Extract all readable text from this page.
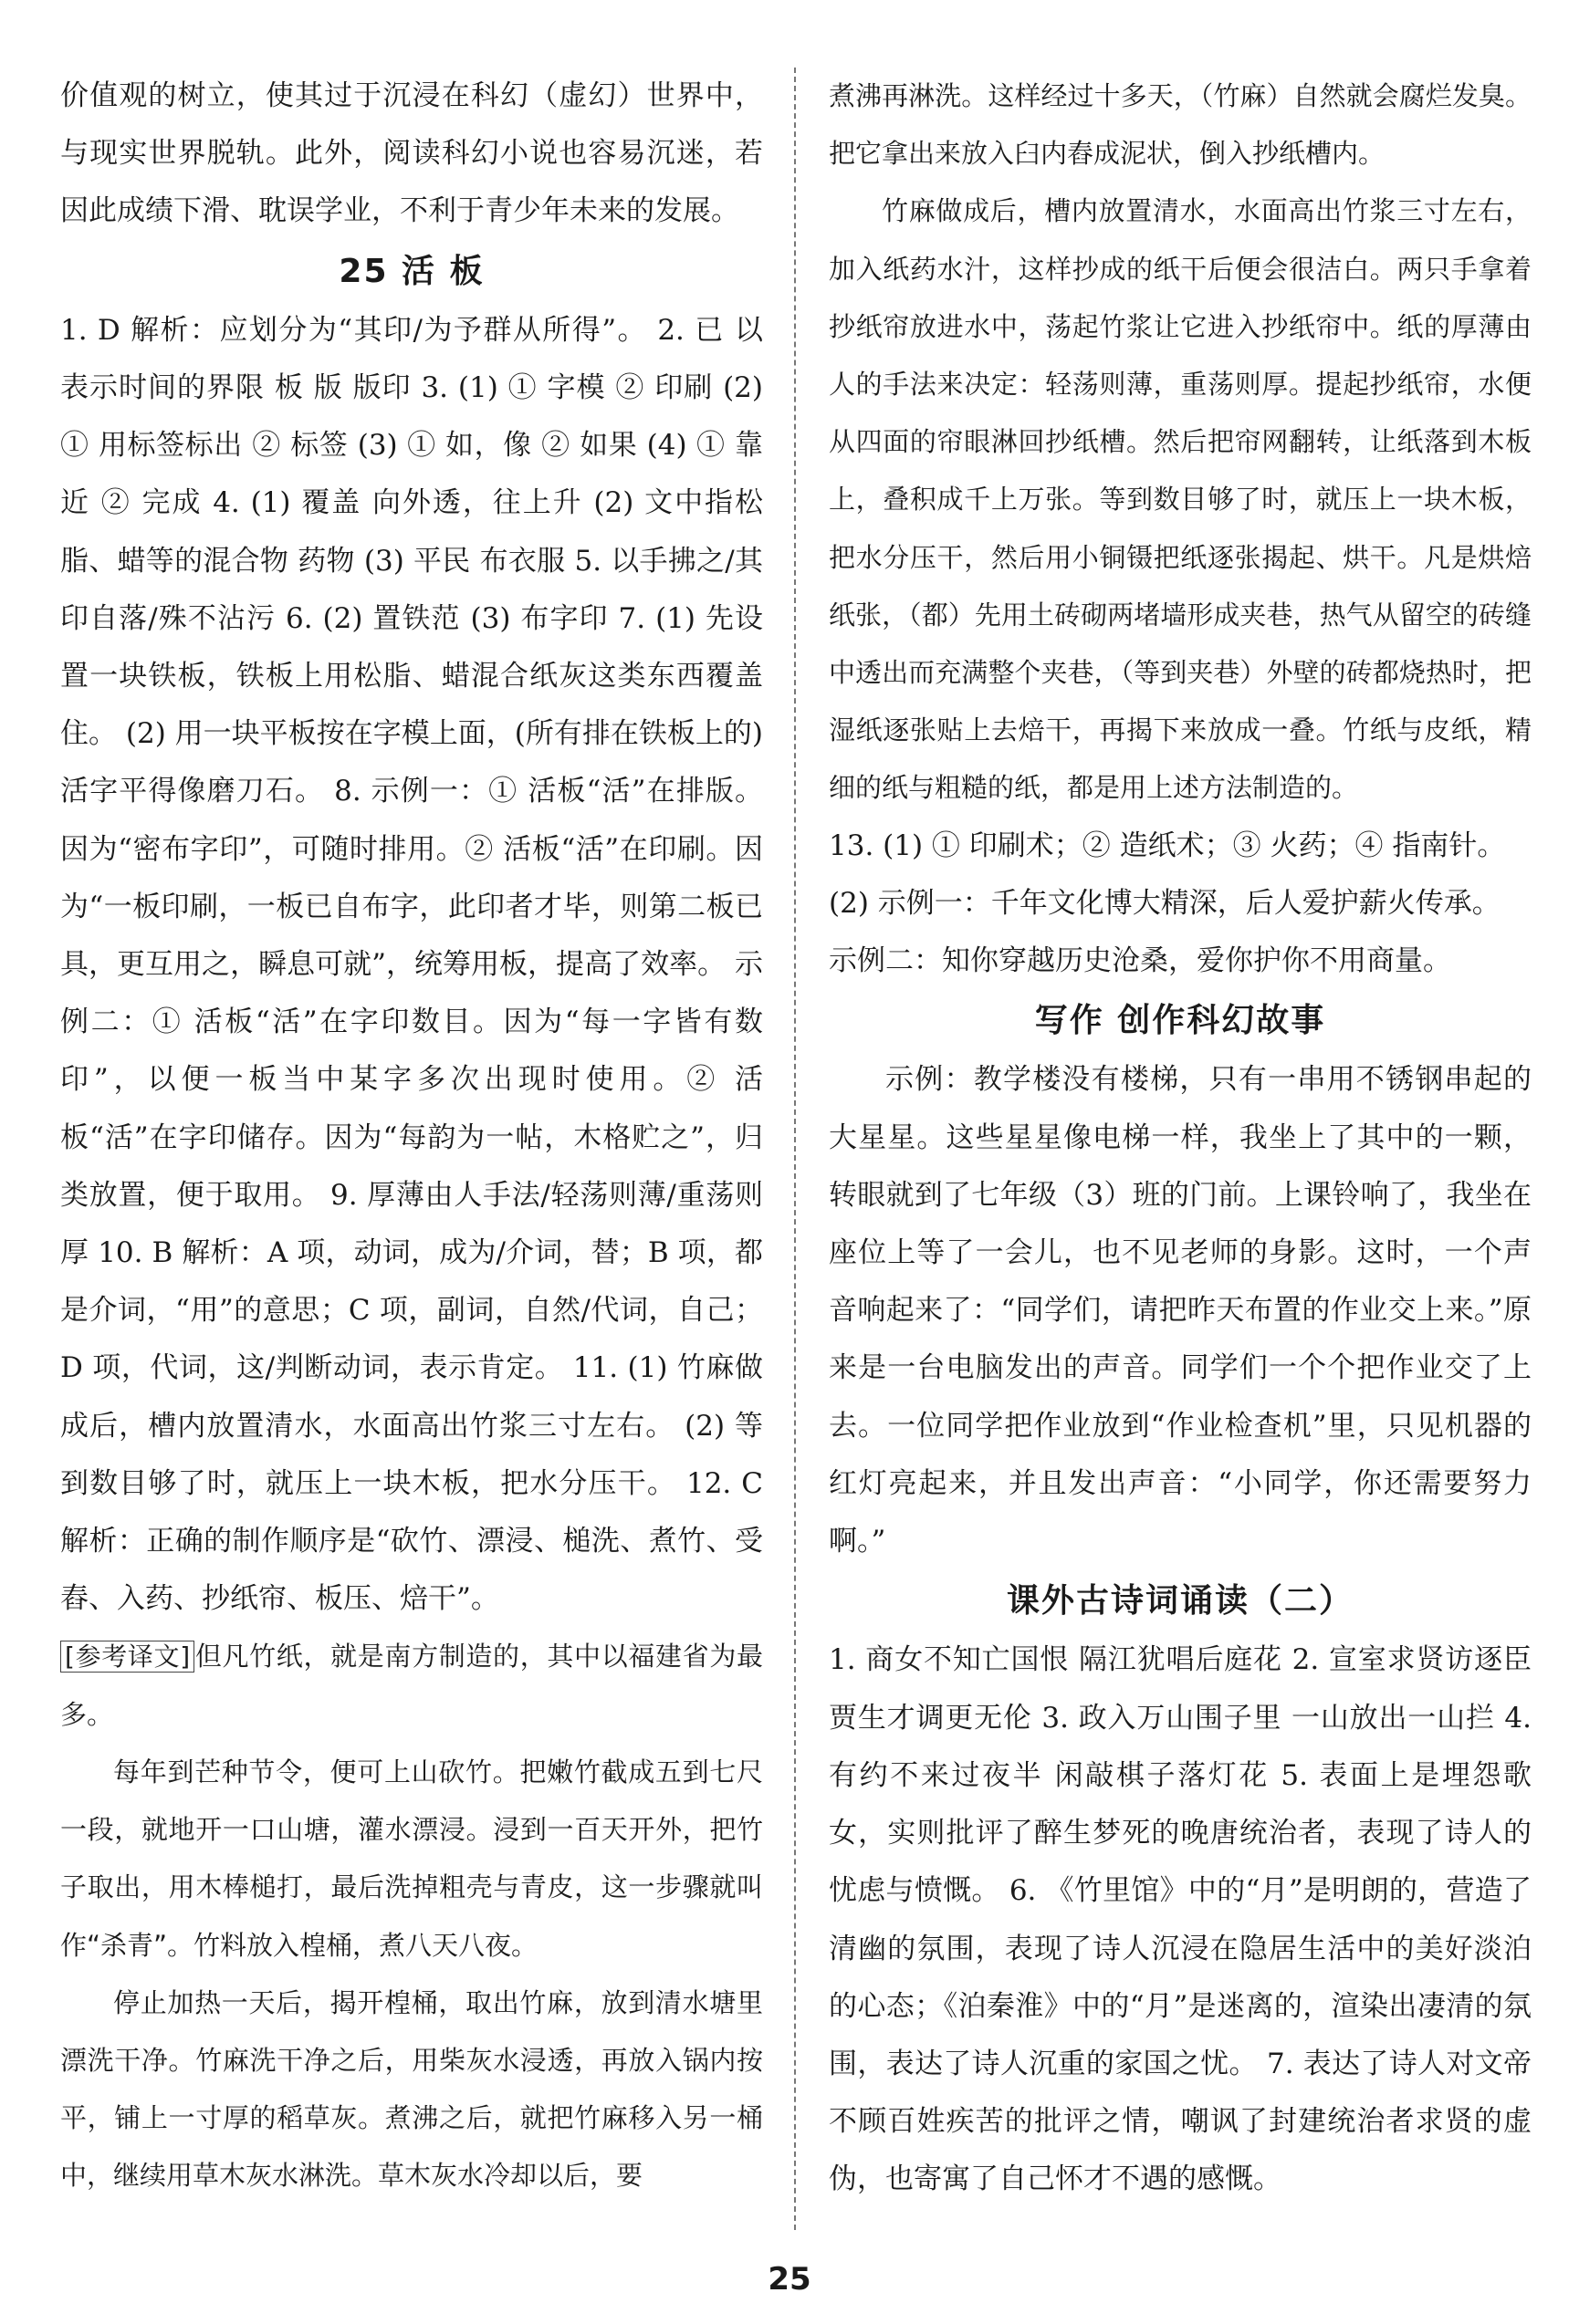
价值观的树立，使其过于沉浸在科幻（虚幻）世界中，与现实世界脱轨。此外，阅读科幻小说也容易沉迷，若因此成绩下滑、耽误学业，不利于青少年未来的发展。

25 活 板

1. D 解析：应划分为“其印/为予群从所得”。 2. 已 以 表示时间的界限 板 版 版印 3. (1) ① 字模 ② 印刷 (2) ① 用标签标出 ② 标签 (3) ① 如，像 ② 如果 (4) ① 靠近 ② 完成 4. (1) 覆盖 向外透，往上升 (2) 文中指松脂、蜡等的混合物 药物 (3) 平民 布衣服 5. 以手拂之/其印自落/殊不沾污 6. (2) 置铁范 (3) 布字印 7. (1) 先设置一块铁板，铁板上用松脂、蜡混合纸灰这类东西覆盖住。 (2) 用一块平板按在字模上面，(所有排在铁板上的)活字平得像磨刀石。 8. 示例一：① 活板“活”在排版。因为“密布字印”，可随时排用。② 活板“活”在印刷。因为“一板印刷，一板已自布字，此印者才毕，则第二板已具，更互用之，瞬息可就”，统筹用板，提高了效率。 示例二：① 活板“活”在字印数目。因为“每一字皆有数印”，以便一板当中某字多次出现时使用。② 活板“活”在字印储存。因为“每韵为一帖，木格贮之”，归类放置，便于取用。 9. 厚薄由人手法/轻荡则薄/重荡则厚 10. B 解析：A 项，动词，成为/介词，替；B 项，都是介词，“用”的意思；C 项，副词，自然/代词，自己；D 项，代词，这/判断动词，表示肯定。 11. (1) 竹麻做成后，槽内放置清水，水面高出竹浆三寸左右。 (2) 等到数目够了时，就压上一块木板，把水分压干。 12. C 解析：正确的制作顺序是“砍竹、漂浸、槌洗、煮竹、受舂、入药、抄纸帘、板压、焙干”。

[参考译文] 但凡竹纸，就是南方制造的，其中以福建省为最多。

每年到芒种节令，便可上山砍竹。把嫩竹截成五到七尺一段，就地开一口山塘，灌水漂浸。浸到一百天开外，把竹子取出，用木棒槌打，最后洗掉粗壳与青皮，这一步骤就叫作“杀青”。竹料放入楻桶，煮八天八夜。

停止加热一天后，揭开楻桶，取出竹麻，放到清水塘里漂洗干净。竹麻洗干净之后，用柴灰水浸透，再放入锅内按平，铺上一寸厚的稻草灰。煮沸之后，就把竹麻移入另一桶中，继续用草木灰水淋洗。草木灰水冷却以后，要

煮沸再淋洗。这样经过十多天，（竹麻）自然就会腐烂发臭。把它拿出来放入臼内舂成泥状，倒入抄纸槽内。

竹麻做成后，槽内放置清水，水面高出竹浆三寸左右，加入纸药水汁，这样抄成的纸干后便会很洁白。两只手拿着抄纸帘放进水中，荡起竹浆让它进入抄纸帘中。纸的厚薄由人的手法来决定：轻荡则薄，重荡则厚。提起抄纸帘，水便从四面的帘眼淋回抄纸槽。然后把帘网翻转，让纸落到木板上，叠积成千上万张。等到数目够了时，就压上一块木板，把水分压干，然后用小铜镊把纸逐张揭起、烘干。凡是烘焙纸张，（都）先用土砖砌两堵墙形成夹巷，热气从留空的砖缝中透出而充满整个夹巷，（等到夹巷）外壁的砖都烧热时，把湿纸逐张贴上去焙干，再揭下来放成一叠。竹纸与皮纸，精细的纸与粗糙的纸，都是用上述方法制造的。

13. (1) ① 印刷术；② 造纸术；③ 火药；④ 指南针。

(2) 示例一：千年文化博大精深，后人爱护薪火传承。

示例二：知你穿越历史沧桑，爱你护你不用商量。

写作 创作科幻故事

示例：教学楼没有楼梯，只有一串用不锈钢串起的大星星。这些星星像电梯一样，我坐上了其中的一颗，转眼就到了七年级（3）班的门前。上课铃响了，我坐在座位上等了一会儿，也不见老师的身影。这时，一个声音响起来了：“同学们，请把昨天布置的作业交上来。”原来是一台电脑发出的声音。同学们一个个把作业交了上去。一位同学把作业放到“作业检查机”里，只见机器的红灯亮起来，并且发出声音：“小同学，你还需要努力啊。”

课外古诗词诵读（二）

1. 商女不知亡国恨 隔江犹唱后庭花 2. 宣室求贤访逐臣 贾生才调更无伦 3. 政入万山围子里 一山放出一山拦 4. 有约不来过夜半 闲敲棋子落灯花 5. 表面上是埋怨歌女，实则批评了醉生梦死的晚唐统治者，表现了诗人的忧虑与愤慨。 6. 《竹里馆》中的“月”是明朗的，营造了清幽的氛围，表现了诗人沉浸在隐居生活中的美好淡泊的心态；《泊秦淮》中的“月”是迷离的，渲染出凄清的氛围，表达了诗人沉重的家国之忧。 7. 表达了诗人对文帝不顾百姓疾苦的批评之情，嘲讽了封建统治者求贤的虚伪，也寄寓了自己怀才不遇的感慨。

25
